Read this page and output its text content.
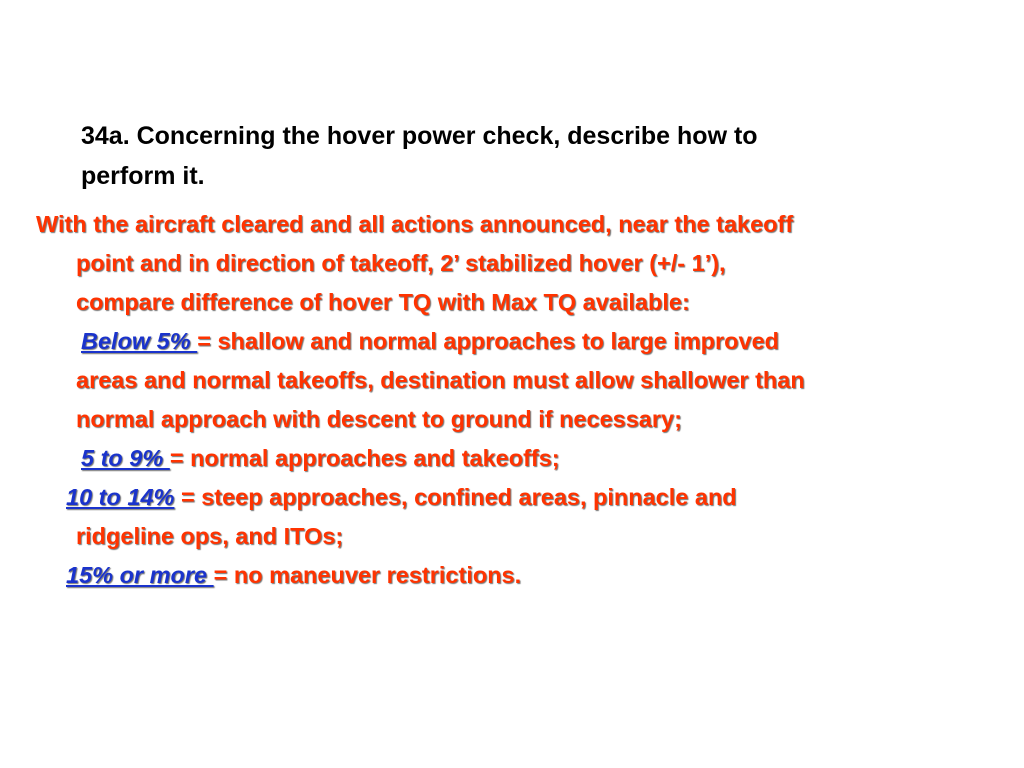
34a. Concerning the hover power check, describe how to
perform it.
With the aircraft cleared and all actions announced, near the takeoff
point and in direction of takeoff, 2’ stabilized hover (+/- 1’),
compare difference of hover TQ with Max TQ available:
Below 5% = shallow and normal approaches to large improved
areas and normal takeoffs, destination must allow shallower than
normal approach with descent to ground if necessary;
5 to 9% = normal approaches and takeoffs;
10 to 14% = steep approaches, confined areas, pinnacle and
ridgeline ops, and ITOs;
15% or more = no maneuver restrictions.
